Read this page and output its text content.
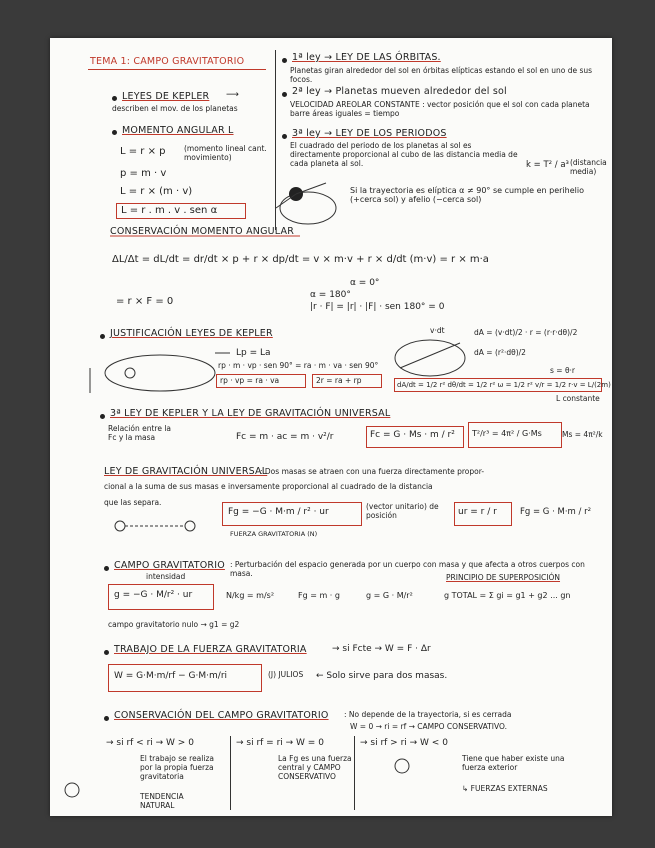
TEMA 1: CAMPO GRAVITATORIO
LEYES DE KEPLER
describen el mov. de los planetas
⟶
MOMENTO ANGULAR L
L = r × p (momento lineal cant. movimiento)
p = m · v
L = r × (m · v)
L = r . m . v . sen α
1ª ley → LEY DE LAS ÓRBITAS.
Planetas giran alrededor del sol en órbitas elípticas estando el sol en uno de sus focos.
2ª ley → Planetas mueven alrededor del sol
VELOCIDAD AREOLAR CONSTANTE : vector posición que el sol con cada planeta barre áreas iguales = tiempo
3ª ley → LEY DE LOS PERIODOS
El cuadrado del periodo de los planetas al sol es directamente proporcional al cubo de las distancia media de cada planeta al sol.	k = T² / a³ (distancia media)
Si la trayectoria es elíptica α ≠ 90° se cumple en perihelio (+cerca sol) y afelio (−cerca sol)
CONSERVACIÓN MOMENTO ANGULAR
ΔL/Δt = dL/dt = dr/dt × p + r × dp/dt = v × m·v + r × d/dt (m·v) = r × m·a
α = 0°
= r × F = 0
α = 180°
|r · F| = |r| · |F| · sen 180° = 0
JUSTIFICACIÓN LEYES DE KEPLER
Lp = La
rp · m · vp · sen 90° = ra · m · va · sen 90°
rp · vp = ra · va	2r = ra + rp
v·dt	dA = (v·dt)/2 · r = (r·r·dθ)/2
dA = (r²·dθ)/2
s = θ·r
dA/dt = 1/2 r² dθ/dt = 1/2 r² ω = 1/2 r² v/r = 1/2 r·v = L/(2m)
L constante
3ª LEY DE KEPLER Y LA LEY DE GRAVITACIÓN UNIVERSAL
Relación entre la Fc y la masa	Fc = m · ac = m · v²/r	Fc = G · Ms · m / r² T²/r³ = 4π² / G·Ms	Ms = 4π²/k
LEY DE GRAVITACIÓN UNIVERSAL
: Dos masas se atraen con una fuerza directamente propor-
cional a la suma de sus masas e inversamente proporcional al cuadrado de la distancia
que las separa.
Fg = −G · M·m / r² · ur
(vector unitario) de posición	ur = r / r	Fg = G · M·m / r²
FUERZA GRAVITATORIA (N)
CAMPO GRAVITATORIO
intensidad
: Perturbación del espacio generada por un cuerpo con masa y que afecta a otros cuerpos con masa.
g = −G · M/r² · ur	N/kg = m/s²	Fg = m · g	g = G · M/r²
PRINCIPIO DE SUPERPOSICIÓN
g TOTAL = Σ gi = g1 + g2 ... gn
campo gravitatorio nulo → g1 = g2
TRABAJO DE LA FUERZA GRAVITATORIA	→ si Fcte → W = F · Δr
W = G·M·m/rf − G·M·m/ri	(J) JULIOS	← Solo sirve para dos masas.
CONSERVACIÓN DEL CAMPO GRAVITATORIO : No depende de la trayectoria, si es cerrada
W = 0 → ri = rf → CAMPO CONSERVATIVO.
→ si rf < ri → W > 0
El trabajo se realiza por la propia fuerza gravitatoria
TENDENCIA NATURAL
→ si rf = ri → W = 0
La Fg es una fuerza central y CAMPO CONSERVATIVO
→ si rf > ri → W < 0
Tiene que haber existe una fuerza exterior
↳ FUERZAS EXTERNAS
